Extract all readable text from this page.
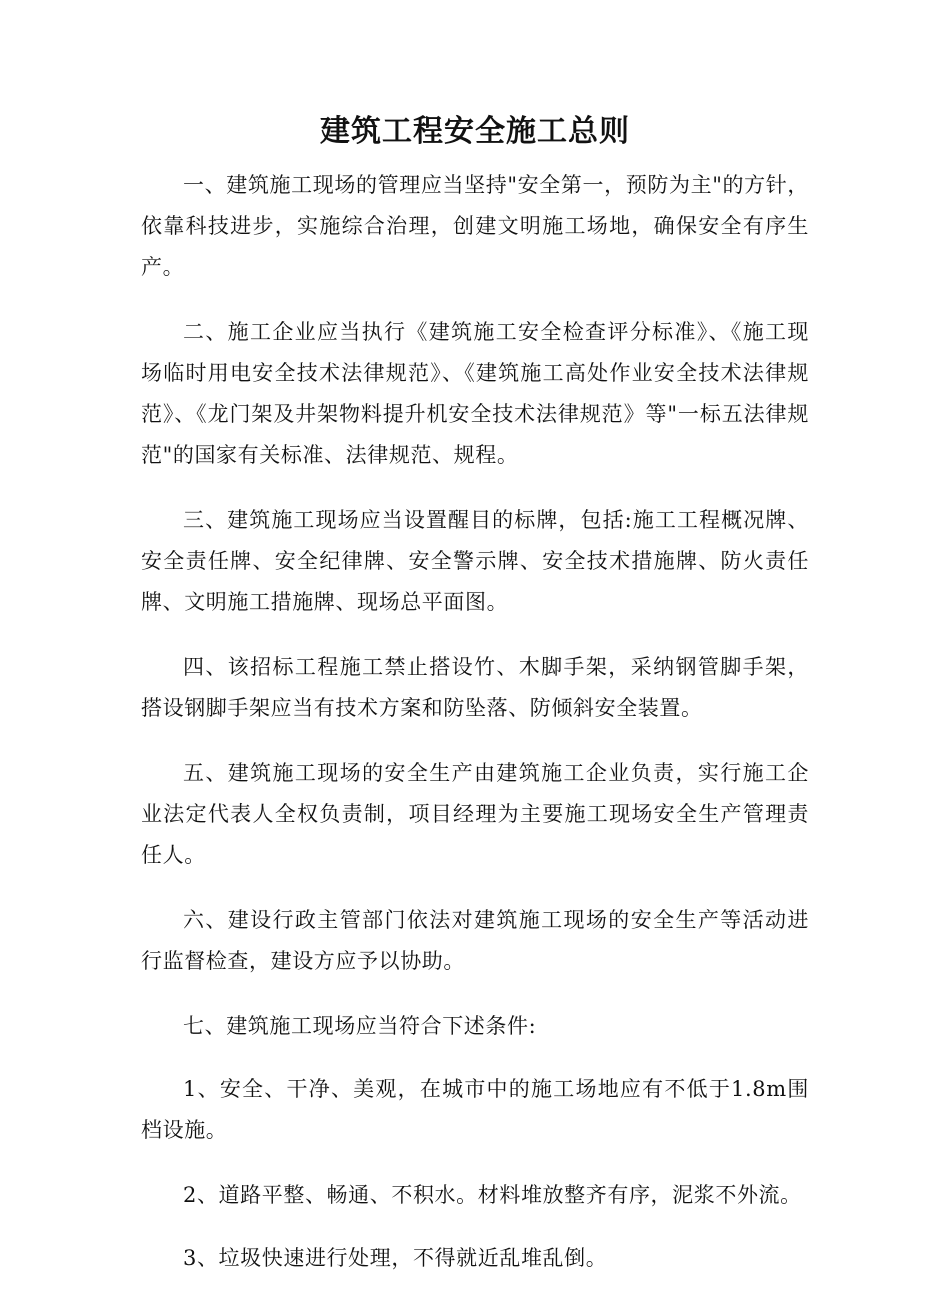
建筑工程安全施工总则

一、建筑施工现场的管理应当坚持"安全第一，预防为主"的方针，依靠科技进步，实施综合治理，创建文明施工场地，确保安全有序生产。

二、施工企业应当执行《建筑施工安全检查评分标准》、《施工现场临时用电安全技术法律规范》、《建筑施工高处作业安全技术法律规范》、《龙门架及井架物料提升机安全技术法律规范》等"一标五法律规范"的国家有关标准、法律规范、规程。

三、建筑施工现场应当设置醒目的标牌，包括:施工工程概况牌、安全责任牌、安全纪律牌、安全警示牌、安全技术措施牌、防火责任牌、文明施工措施牌、现场总平面图。

四、该招标工程施工禁止搭设竹、木脚手架，采纳钢管脚手架，搭设钢脚手架应当有技术方案和防坠落、防倾斜安全装置。

五、建筑施工现场的安全生产由建筑施工企业负责，实行施工企业法定代表人全权负责制，项目经理为主要施工现场安全生产管理责任人。

六、建设行政主管部门依法对建筑施工现场的安全生产等活动进行监督检查，建设方应予以协助。

七、建筑施工现场应当符合下述条件:

1、安全、干净、美观，在城市中的施工场地应有不低于1.8m围档设施。

2、道路平整、畅通、不积水。材料堆放整齐有序，泥浆不外流。

3、垃圾快速进行处理，不得就近乱堆乱倒。
